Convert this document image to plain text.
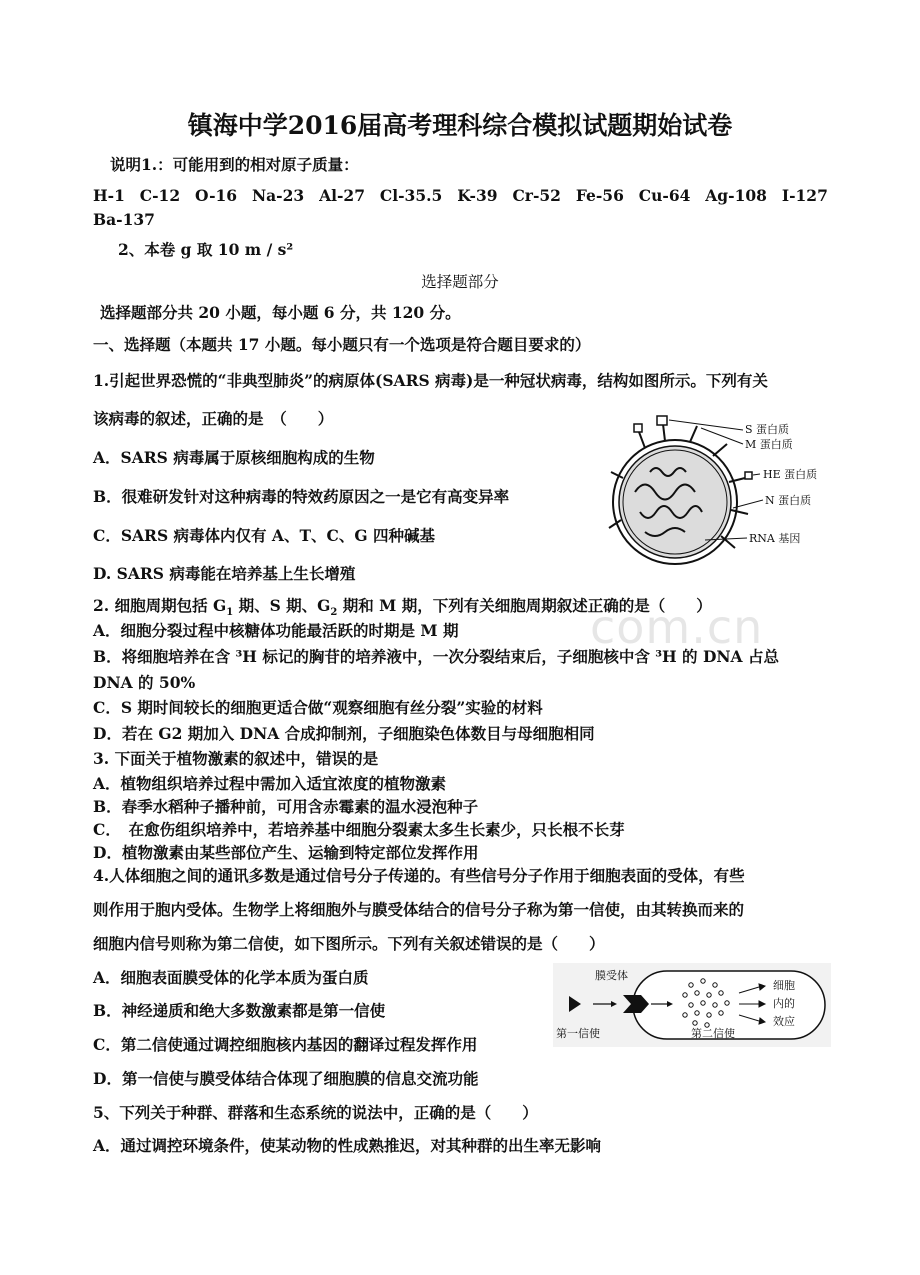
com.cn
镇海中学2016届高考理科综合模拟试题期始试卷
说明1.：可能用到的相对原子质量：
H-1 C-12 O-16 Na-23 Al-27 Cl-35.5 K-39 Cr-52 Fe-56 Cu-64 Ag-108 I-127
Ba-137
2、本卷 g 取 10 m / s²
选择题部分
选择题部分共 20 小题，每小题 6 分，共 120 分。
一、选择题（本题共 17 小题。每小题只有一个选项是符合题目要求的）
1.引起世界恐慌的“非典型肺炎”的病原体(SARS 病毒)是一种冠状病毒，结构如图所示。下列有关
该病毒的叙述，正确的是　（　　）
A．SARS 病毒属于原核细胞构成的生物
B．很难研发针对这种病毒的特效药原因之一是它有高变异率
C．SARS 病毒体内仅有 A、T、C、G 四种碱基
D. SARS 病毒能在培养基上生长增殖
S 蛋白质
M 蛋白质
HE 蛋白质
N 蛋白质
RNA 基因
2. 细胞周期包括 $G_1$ 期、S 期、$G_2$ 期和 M 期，下列有关细胞周期叙述正确的是（　　）
A．细胞分裂过程中核糖体功能最活跃的时期是 M 期
B．将细胞培养在含 ³H 标记的胸苷的培养液中，一次分裂结束后，子细胞核中含 ³H 的 DNA 占总
DNA 的 50%
C．S 期时间较长的细胞更适合做“观察细胞有丝分裂”实验的材料
D．若在 G2 期加入 DNA 合成抑制剂，子细胞染色体数目与母细胞相同
3. 下面关于植物激素的叙述中，错误的是
A．植物组织培养过程中需加入适宜浓度的植物激素
B．春季水稻种子播种前，可用含赤霉素的温水浸泡种子
C．　在愈伤组织培养中，若培养基中细胞分裂素太多生长素少，只长根不长芽
D．植物激素由某些部位产生、运输到特定部位发挥作用
4.人体细胞之间的通讯多数是通过信号分子传递的。有些信号分子作用于细胞表面的受体，有些
则作用于胞内受体。生物学上将细胞外与膜受体结合的信号分子称为第一信使，由其转换而来的
细胞内信号则称为第二信使，如下图所示。下列有关叙述错误的是（　　）
A．细胞表面膜受体的化学本质为蛋白质
B．神经递质和绝大多数激素都是第一信使
C．第二信使通过调控细胞核内基因的翻译过程发挥作用
D．第一信使与膜受体结合体现了细胞膜的信息交流功能
膜受体
第一信使	第二信使
细胞
内的
效应
5、下列关于种群、群落和生态系统的说法中，正确的是（　　）
A．通过调控环境条件，使某动物的性成熟推迟，对其种群的出生率无影响
